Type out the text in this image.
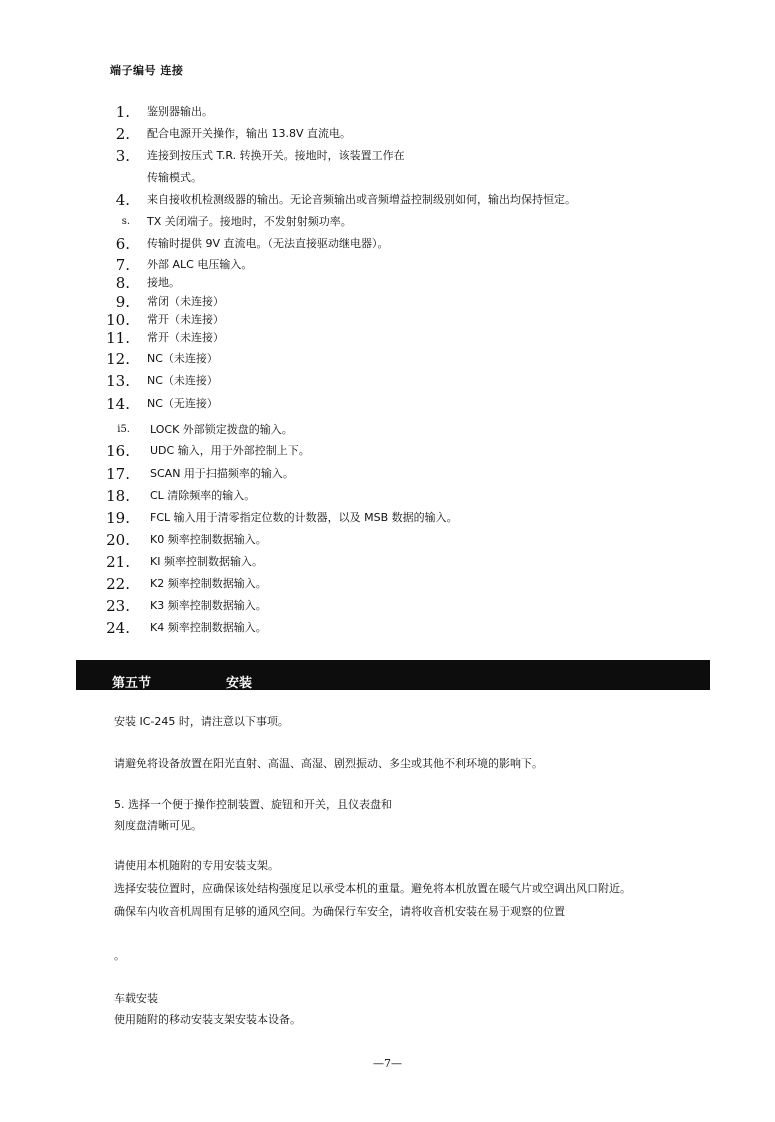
端子编号 连接
1. 鉴别器输出。
2. 配合电源开关操作，输出 13.8V 直流电。
3. 连接到按压式 T.R. 转换开关。接地时，该装置工作在
传输模式。
4. 来自接收机检测级器的输出。无论音频输出或音频增益控制级别如何，输出均保持恒定。
s. TX 关闭端子。接地时，不发射射频功率。
6. 传输时提供 9V 直流电。（无法直接驱动继电器）。
7. 外部 ALC 电压输入。
8. 接地。
9. 常闭（未连接）
10. 常开（未连接）
11. 常开（未连接）
12. NC（未连接）
13. NC（未连接）
14. NC（无连接）
i5. LOCK 外部锁定拨盘的输入。
16. UDC 输入，用于外部控制上下。
17. SCAN 用于扫描频率的输入。
18. CL 清除频率的输入。
19. FCL 输入用于清零指定位数的计数器，以及 MSB 数据的输入。
20. K0 频率控制数据输入。
21. KI 频率控制数据输入。
22. K2 频率控制数据输入。
23. K3 频率控制数据输入。
24. K4 频率控制数据输入。
第五节	安装
安装 IC-245 时，请注意以下事项。
请避免将设备放置在阳光直射、高温、高湿、剧烈振动、多尘或其他不利环境的影响下。
5. 选择一个便于操作控制装置、旋钮和开关，且仪表盘和
刻度盘清晰可见。
请使用本机随附的专用安装支架。
选择安装位置时，应确保该处结构强度足以承受本机的重量。避免将本机放置在暖气片或空调出风口附近。
确保车内收音机周围有足够的通风空间。为确保行车安全，请将收音机安装在易于观察的位置
。
车载安装
使用随附的移动安装支架安装本设备。
—7—
